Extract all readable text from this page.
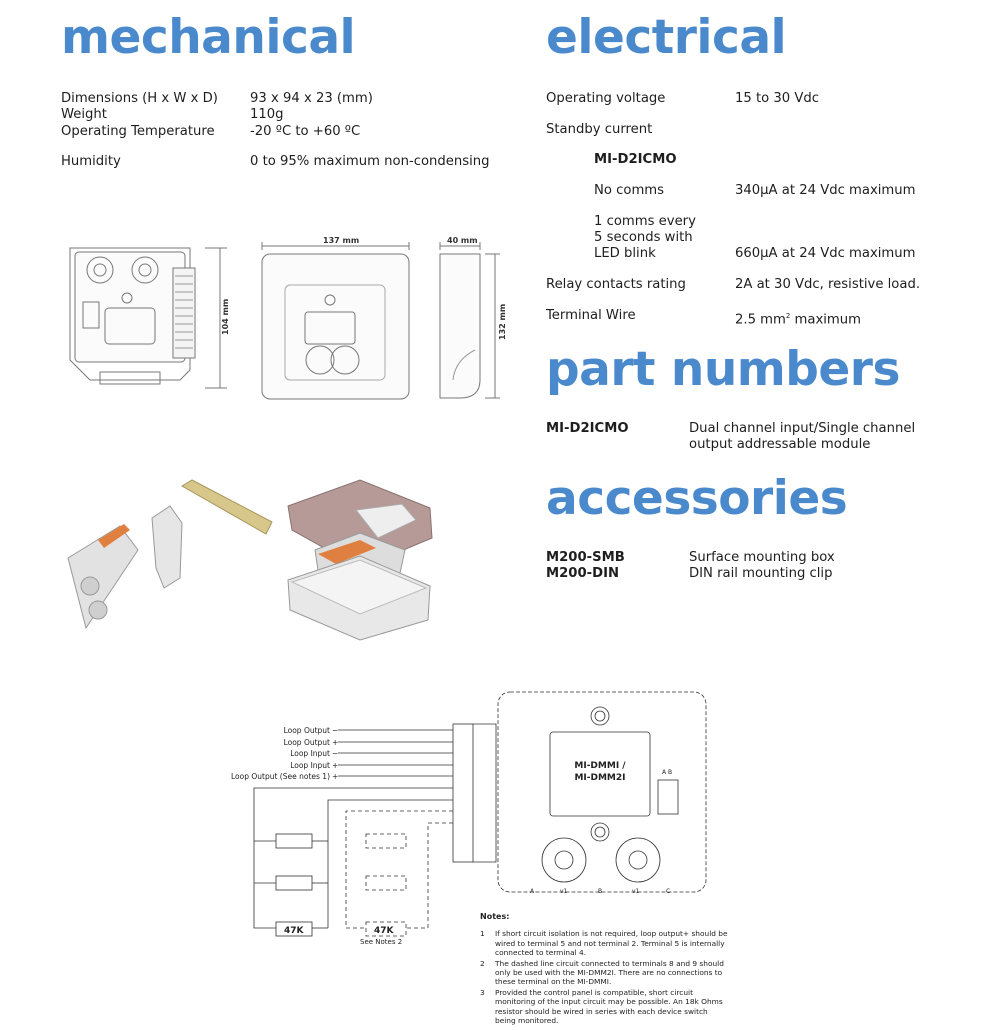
mechanical	electrical
part numbers
accessories
Dimensions (H x W x D) 93 x 94 x 23 (mm)
Weight	110g
Operating Temperature	-20 ºC to +60 ºC
Humidity	0 to 95% maximum non-condensing
Operating voltage	15 to 30 Vdc
Standby current
MI-D2ICMO
No comms	340µA at 24 Vdc maximum
1 comms every
5 seconds with
LED blink	660µA at 24 Vdc maximum
Relay contacts rating	2A at 30 Vdc, resistive load.
Terminal Wire	2.5 $mm^2$ maximum
MI-D2ICMO	Dual channel input/Single channel
output addressable module
M200-SMB	Surface mounting box
M200-DIN	DIN rail mounting clip
104 mm
137 mm	40 mm
132 mm
Loop Output −
Loop Output +
Loop Input −
Loop Input +
Loop Output (See notes 1) +
47K	47K
See Notes 2
MI-DMMI /
MI-DMM2I
A B
A	v1	B	v1	C
Notes:
1 If short circuit isolation is not required, loop output+ should be wired to terminal 5 and not terminal 2. Terminal 5 is internally connected to terminal 4.
2 The dashed line circuit connected to terminals 8 and 9 should only be used with the MI-DMM2I. There are no connections to these terminal on the MI-DMMI.
3 Provided the control panel is compatible, short circuit monitoring of the input circuit may be possible. An 18k Ohms resistor should be wired in series with each device switch being monitored.
